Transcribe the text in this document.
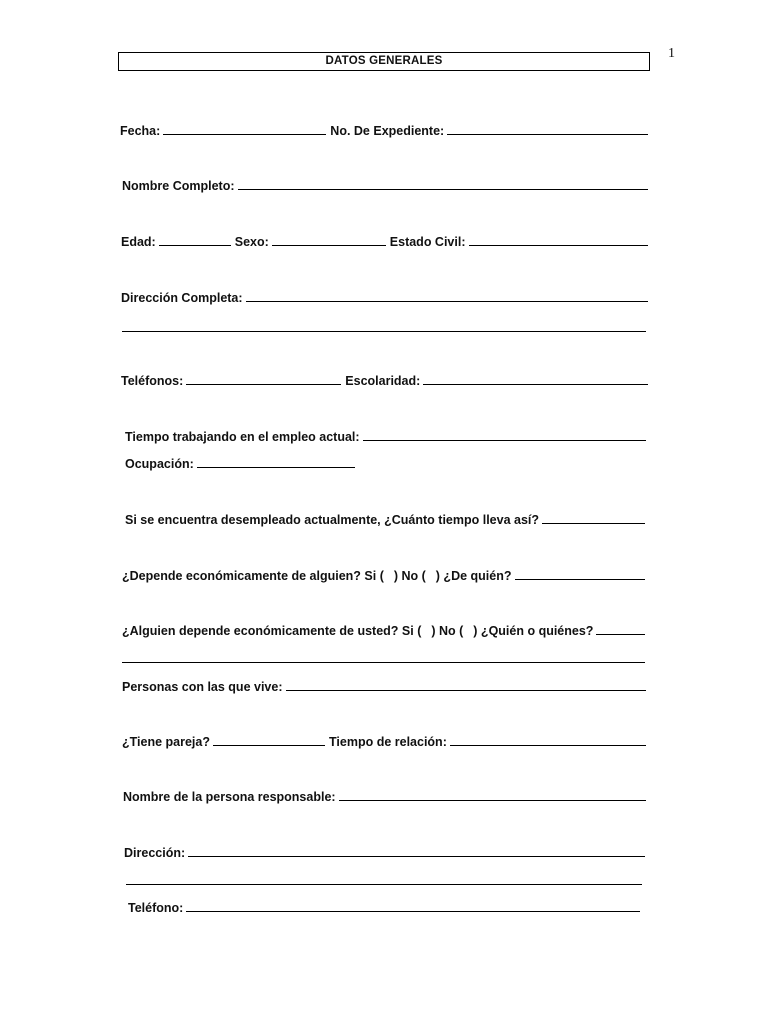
1
DATOS GENERALES
Fecha:	No. De Expediente:
Nombre Completo:
Edad:	Sexo:	Estado Civil:
Dirección Completa:
Teléfonos:	Escolaridad:
Tiempo trabajando en el empleo actual:
Ocupación:
Si se encuentra desempleado actualmente, ¿Cuánto tiempo lleva así?
¿Depende económicamente de alguien? Si ( ) No ( ) ¿De quién?
¿Alguien depende económicamente de usted? Si ( ) No ( ) ¿Quién o quiénes?
Personas con las que vive:
¿Tiene pareja?	Tiempo de relación:
Nombre de la persona responsable:
Dirección:
Teléfono:
